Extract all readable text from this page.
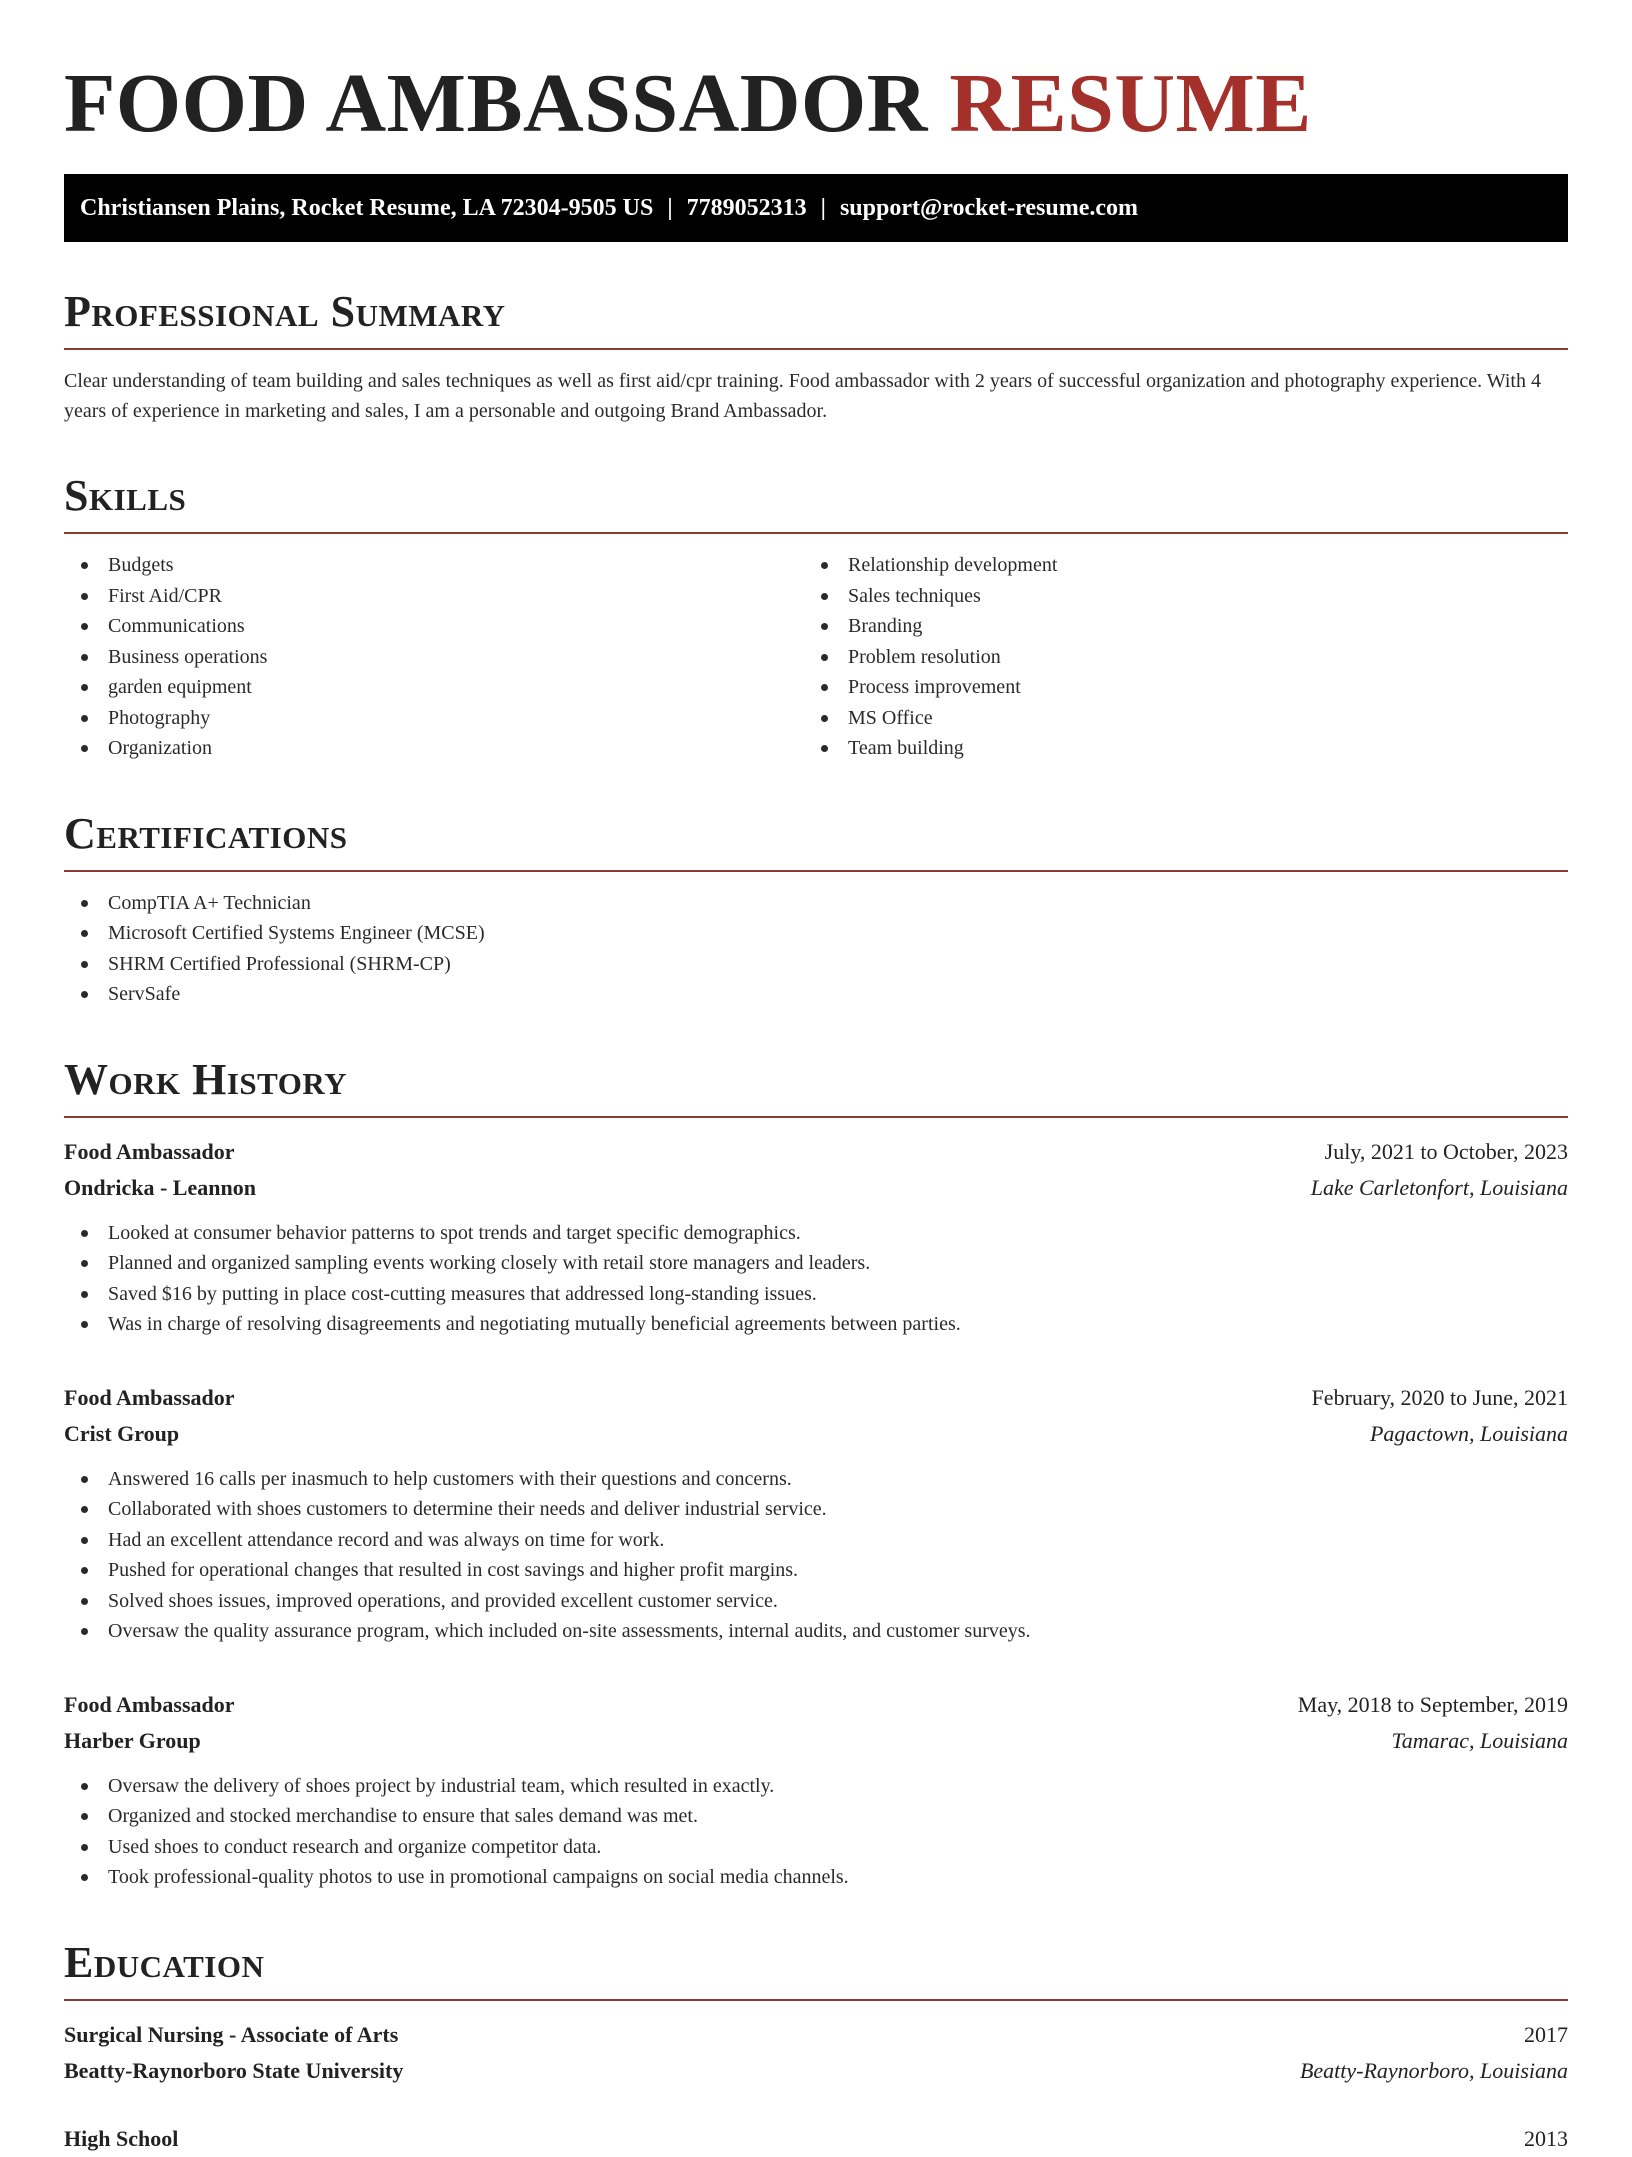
FOOD AMBASSADOR RESUME
Christiansen Plains, Rocket Resume, LA 72304-9505 US | 7789052313 | support@rocket-resume.com
Professional Summary

Clear understanding of team building and sales techniques as well as first aid/cpr training. Food ambassador with 2 years of successful organization and photography experience. With 4 years of experience in marketing and sales, I am a personable and outgoing Brand Ambassador.

Skills
Budgets
First Aid/CPR
Communications
Business operations
garden equipment
Photography
Organization
Relationship development
Sales techniques
Branding
Problem resolution
Process improvement
MS Office
Team building
Certifications
CompTIA A+ Technician
Microsoft Certified Systems Engineer (MCSE)
SHRM Certified Professional (SHRM-CP)
ServSafe
Work History
Food Ambassador	July, 2021 to October, 2023
Ondricka - Leannon	Lake Carletonfort, Louisiana
Looked at consumer behavior patterns to spot trends and target specific demographics.
Planned and organized sampling events working closely with retail store managers and leaders.
Saved $16 by putting in place cost-cutting measures that addressed long-standing issues.
Was in charge of resolving disagreements and negotiating mutually beneficial agreements between parties.
Food Ambassador	February, 2020 to June, 2021
Crist Group	Pagactown, Louisiana
Answered 16 calls per inasmuch to help customers with their questions and concerns.
Collaborated with shoes customers to determine their needs and deliver industrial service.
Had an excellent attendance record and was always on time for work.
Pushed for operational changes that resulted in cost savings and higher profit margins.
Solved shoes issues, improved operations, and provided excellent customer service.
Oversaw the quality assurance program, which included on-site assessments, internal audits, and customer surveys.
Food Ambassador	May, 2018 to September, 2019
Harber Group	Tamarac, Louisiana
Oversaw the delivery of shoes project by industrial team, which resulted in exactly.
Organized and stocked merchandise to ensure that sales demand was met.
Used shoes to conduct research and organize competitor data.
Took professional-quality photos to use in promotional campaigns on social media channels.
Education
Surgical Nursing - Associate of Arts	2017
Beatty-Raynorboro State University	Beatty-Raynorboro, Louisiana
High School	2013
